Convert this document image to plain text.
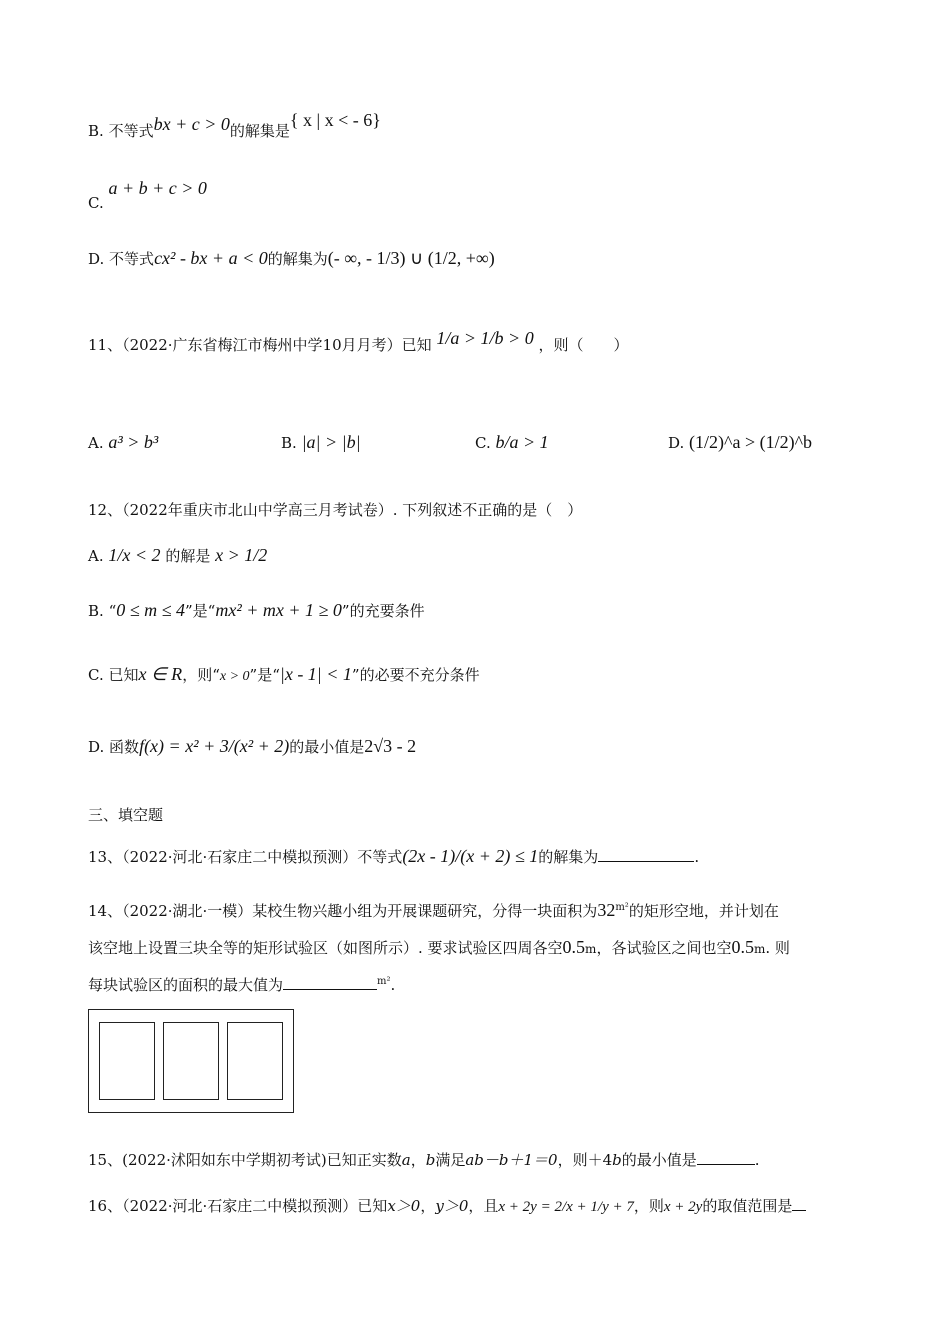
B. 不等式bx + c > 0的解集是{ x | x < - 6}
C. a + b + c > 0
D. 不等式cx² - bx + a < 0的解集为(- ∞, - 1/3) ∪ (1/2, +∞)
11、（2022·广东省梅江市梅州中学10月月考）已知 1/a > 1/b > 0 ，则（　　）
A. a³ > b³	B. |a| > |b|	C. b/a > 1	D. (1/2)^a > (1/2)^b
12、（2022年重庆市北山中学高三月考试卷）. 下列叙述不正确的是（　）
A. 1/x < 2 的解是 x > 1/2
B. “0 ≤ m ≤ 4”是“mx² + mx + 1 ≥ 0”的充要条件
C. 已知x ∈ R，则“x > 0”是“|x - 1| < 1”的必要不充分条件
D. 函数f(x) = x² + 3/(x² + 2)的最小值是2√3 - 2
三、填空题
13、（2022·河北·石家庄二中模拟预测）不等式(2x - 1)/(x + 2) ≤ 1的解集为	.
14、（2022·湖北·一模）某校生物兴趣小组为开展课题研究，分得一块面积为$32^{m^2}$的矩形空地，并计划在
该空地上设置三块全等的矩形试验区（如图所示）. 要求试验区四周各空0.5m，各试验区之间也空0.5m. 则
每块试验区的面积的最大值为	$^{m^2}$.
15、(2022·沭阳如东中学期初考试)已知正实数a，b满足ab－b＋1＝0，则＋4b的最小值是	.
16、（2022·河北·石家庄二中模拟预测）已知x＞0，y＞0，且x + 2y = 2/x + 1/y + 7，则x + 2y的取值范围是
